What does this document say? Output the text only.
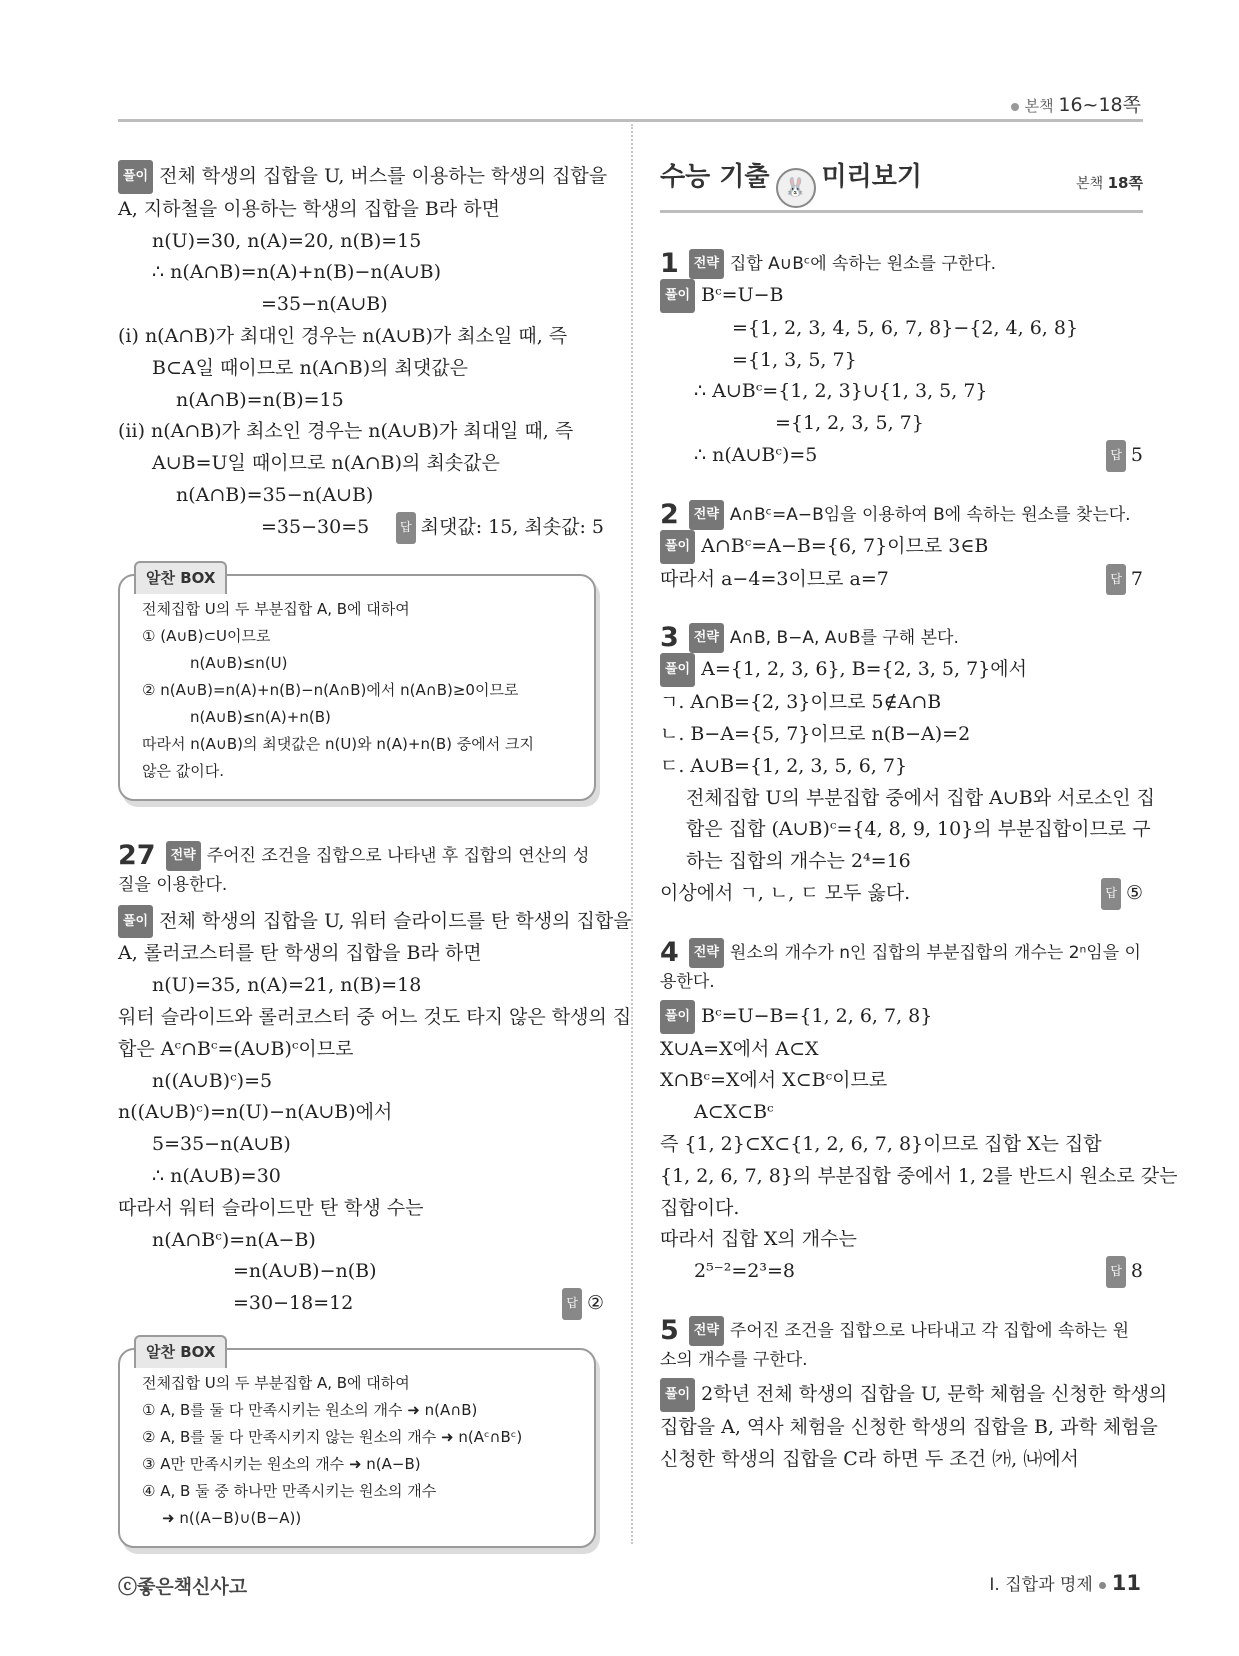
본책 16~18쪽
풀이 전체 학생의 집합을 U, 버스를 이용하는 학생의 집합을
A, 지하철을 이용하는 학생의 집합을 B라 하면
n(U)=30, n(A)=20, n(B)=15
∴ n(A∩B)=n(A)+n(B)−n(A∪B)
=35−n(A∪B)
(ⅰ) n(A∩B)가 최대인 경우는 n(A∪B)가 최소일 때, 즉
B⊂A일 때이므로 n(A∩B)의 최댓값은
n(A∩B)=n(B)=15
(ⅱ) n(A∩B)가 최소인 경우는 n(A∪B)가 최대일 때, 즉
A∪B=U일 때이므로 n(A∩B)의 최솟값은
n(A∩B)=35−n(A∪B)
=35−30=5	답 최댓값: 15, 최솟값: 5
알찬 BOX
전체집합 U의 두 부분집합 A, B에 대하여
① (A∪B)⊂U이므로
n(A∪B)≤n(U)
② n(A∪B)=n(A)+n(B)−n(A∩B)에서 n(A∩B)≥0이므로
n(A∪B)≤n(A)+n(B)
따라서 n(A∪B)의 최댓값은 n(U)와 n(A)+n(B) 중에서 크지
않은 값이다.
27 전략 주어진 조건을 집합으로 나타낸 후 집합의 연산의 성질을 이용한다.
풀이 전체 학생의 집합을 U, 워터 슬라이드를 탄 학생의 집합을
A, 롤러코스터를 탄 학생의 집합을 B라 하면
n(U)=35, n(A)=21, n(B)=18
워터 슬라이드와 롤러코스터 중 어느 것도 타지 않은 학생의 집
합은 Aᶜ∩Bᶜ=(A∪B)ᶜ이므로
n((A∪B)ᶜ)=5
n((A∪B)ᶜ)=n(U)−n(A∪B)에서
5=35−n(A∪B)
∴ n(A∪B)=30
따라서 워터 슬라이드만 탄 학생 수는
n(A∩Bᶜ)=n(A−B)
=n(A∪B)−n(B)
=30−18=12	답 ②
알찬 BOX
전체집합 U의 두 부분집합 A, B에 대하여
① A, B를 둘 다 만족시키는 원소의 개수 ➜ n(A∩B)
② A, B를 둘 다 만족시키지 않는 원소의 개수 ➜ n(Aᶜ∩Bᶜ)
③ A만 만족시키는 원소의 개수 ➜ n(A−B)
④ A, B 둘 중 하나만 만족시키는 원소의 개수
➜ n((A−B)∪(B−A))
수능 기출 🐰 미리보기	본책 18쪽
1 전략 집합 A∪Bᶜ에 속하는 원소를 구한다.
풀이 Bᶜ=U−B
={1, 2, 3, 4, 5, 6, 7, 8}−{2, 4, 6, 8}
={1, 3, 5, 7}
∴ A∪Bᶜ={1, 2, 3}∪{1, 3, 5, 7}
={1, 2, 3, 5, 7}
∴ n(A∪Bᶜ)=5	답 5
2 전략 A∩Bᶜ=A−B임을 이용하여 B에 속하는 원소를 찾는다.
풀이 A∩Bᶜ=A−B={6, 7}이므로 3∈B
따라서 a−4=3이므로 a=7	답 7
3 전략 A∩B, B−A, A∪B를 구해 본다.
풀이 A={1, 2, 3, 6}, B={2, 3, 5, 7}에서
ㄱ. A∩B={2, 3}이므로 5∉A∩B
ㄴ. B−A={5, 7}이므로 n(B−A)=2
ㄷ. A∪B={1, 2, 3, 5, 6, 7}
전체집합 U의 부분집합 중에서 집합 A∪B와 서로소인 집
합은 집합 (A∪B)ᶜ={4, 8, 9, 10}의 부분집합이므로 구
하는 집합의 개수는 2⁴=16
이상에서 ㄱ, ㄴ, ㄷ 모두 옳다.	답 ⑤
4 전략 원소의 개수가 n인 집합의 부분집합의 개수는 2ⁿ임을 이용한다.
풀이 Bᶜ=U−B={1, 2, 6, 7, 8}
X∪A=X에서 A⊂X
X∩Bᶜ=X에서 X⊂Bᶜ이므로
A⊂X⊂Bᶜ
즉 {1, 2}⊂X⊂{1, 2, 6, 7, 8}이므로 집합 X는 집합
{1, 2, 6, 7, 8}의 부분집합 중에서 1, 2를 반드시 원소로 갖는
집합이다.
따라서 집합 X의 개수는
2⁵⁻²=2³=8	답 8
5 전략 주어진 조건을 집합으로 나타내고 각 집합에 속하는 원소의 개수를 구한다.
풀이 2학년 전체 학생의 집합을 U, 문학 체험을 신청한 학생의
집합을 A, 역사 체험을 신청한 학생의 집합을 B, 과학 체험을
신청한 학생의 집합을 C라 하면 두 조건 ㈎, ㈏에서
ⓒ좋은책신사고	Ⅰ. 집합과 명제 11
